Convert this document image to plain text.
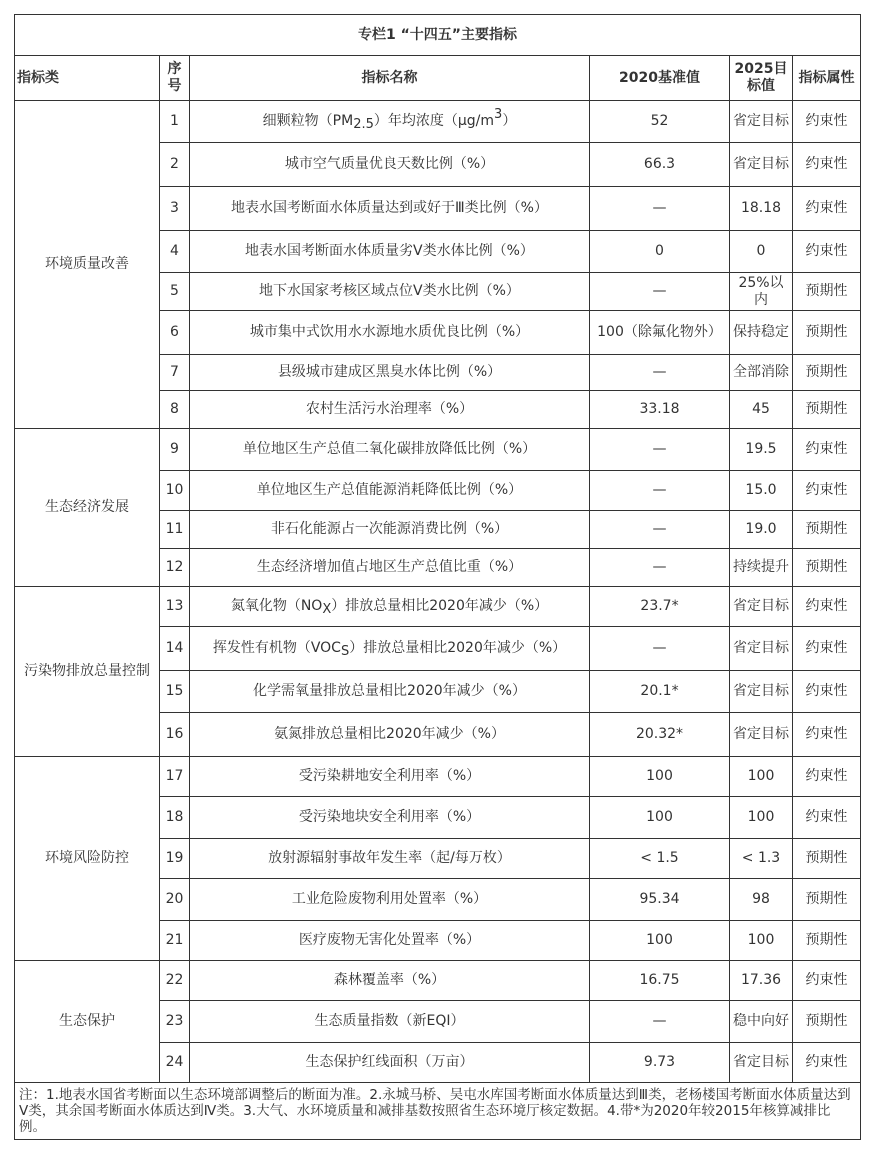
专栏1 “十四五”主要指标					
指标类	序号	指标名称	2020基准值	2025目标值	指标属性
环境质量改善	1	细颗粒物$(PM_{2.5})$年均浓度$(\mu g/m^3)$	52	省定目标	约束性
	2	城市空气质量优良天数比例（%）	66.3	省定目标	约束性
	3	地表水国考断面水体质量达到或好于Ⅲ类比例（%）	—	18.18	约束性
	4	地表水国考断面水体质量劣Ⅴ类水体比例（%）	0	0	约束性
	5	地下水国家考核区域点位Ⅴ类水比例（%）	—	25%以内	预期性
	6	城市集中式饮用水水源地水质优良比例（%）	100（除氟化物外）	保持稳定	预期性
	7	县级城市建成区黑臭水体比例（%）	—	全部消除	预期性
	8	农村生活污水治理率（%）	33.18	45	预期性
生态经济发展	9	单位地区生产总值二氧化碳排放降低比例（%）	—	19.5	约束性
	10	单位地区生产总值能源消耗降低比例（%）	—	15.0	约束性
	11	非石化能源占一次能源消费比例（%）	—	19.0	预期性
	12	生态经济增加值占地区生产总值比重（%）	—	持续提升	预期性
污染物排放总量控制	13	氮氧化物$(NO_X)$排放总量相比2020年减少（%）	23.7*	省定目标	约束性
	14	挥发性有机物$(VOC_S)$排放总量相比2020年减少（%）	—	省定目标	约束性
	15	化学需氧量排放总量相比2020年减少（%）	20.1*	省定目标	约束性
	16	氨氮排放总量相比2020年减少（%）	20.32*	省定目标	约束性
环境风险防控	17	受污染耕地安全利用率（%）	100	100	约束性
	18	受污染地块安全利用率（%）	100	100	约束性
	19	放射源辐射事故年发生率（起/每万枚）	< 1.5	< 1.3	预期性
	20	工业危险废物利用处置率（%）	95.34	98	预期性
	21	医疗废物无害化处置率（%）	100	100	预期性
生态保护	22	森林覆盖率（%）	16.75	17.36	约束性
	23	生态质量指数（新EQI）	—	稳中向好	预期性
	24	生态保护红线面积（万亩）	9.73	省定目标	约束性
注：1.地表水国省考断面以生态环境部调整后的断面为准。2.永城马桥、吴屯水库国考断面水体质量达到Ⅲ类，老杨楼国考断面水体质量达到Ⅴ类，其余国考断面水体质达到Ⅳ类。3.大气、水环境质量和减排基数按照省生态环境厅核定数据。4.带*为2020年较2015年核算减排比例。					
